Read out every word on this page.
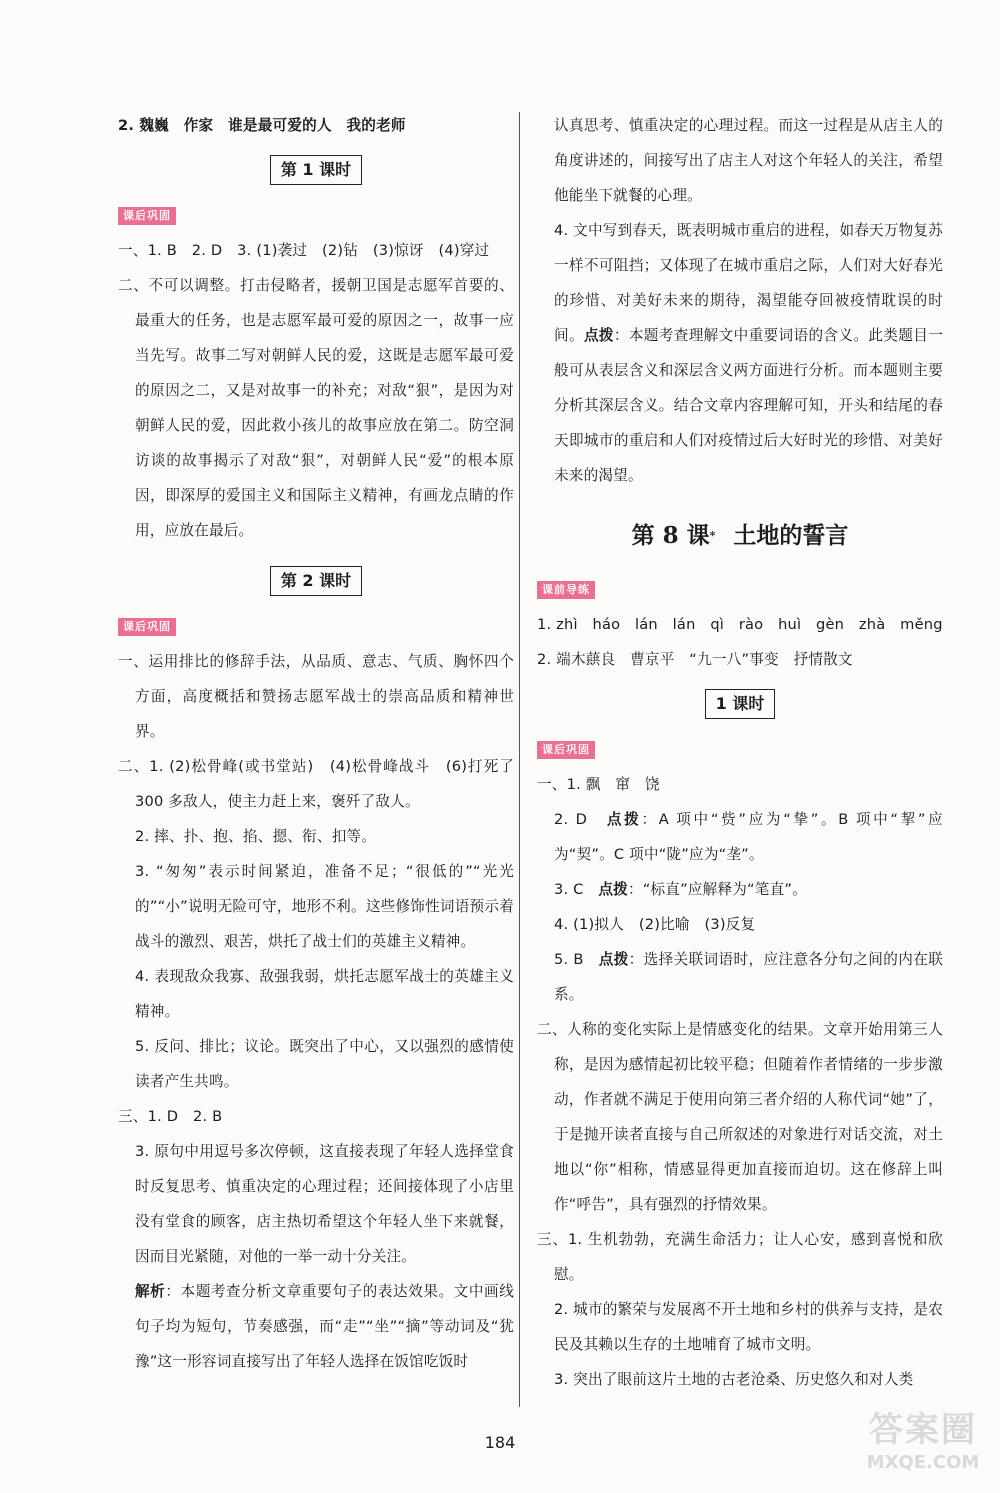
2. 魏巍　作家　谁是最可爱的人　我的老师

第 1 课时
课后巩固

一、1. B　2. D　3. (1)袭过　(2)钻　(3)惊讶　(4)穿过

二、不可以调整。打击侵略者，援朝卫国是志愿军首要的、最重大的任务，也是志愿军最可爱的原因之一，故事一应当先写。故事二写对朝鲜人民的爱，这既是志愿军最可爱的原因之二，又是对故事一的补充；对敌“狠”，是因为对朝鲜人民的爱，因此救小孩儿的故事应放在第二。防空洞访谈的故事揭示了对敌“狠”，对朝鲜人民“爱”的根本原因，即深厚的爱国主义和国际主义精神，有画龙点睛的作用，应放在最后。

第 2 课时
课后巩固

一、运用排比的修辞手法，从品质、意志、气质、胸怀四个方面，高度概括和赞扬志愿军战士的崇高品质和精神世界。

二、1. (2)松骨峰(或书堂站)　(4)松骨峰战斗　(6)打死了 300 多敌人，使主力赶上来，褒歼了敌人。

2. 摔、扑、抱、掐、摁、衔、扣等。

3. “匆匆”表示时间紧迫，准备不足；“很低的”“光光的”“小”说明无险可守，地形不利。这些修饰性词语预示着战斗的激烈、艰苦，烘托了战士们的英雄主义精神。

4. 表现敌众我寡、敌强我弱，烘托志愿军战士的英雄主义精神。

5. 反问、排比；议论。既突出了中心，又以强烈的感情使读者产生共鸣。

三、1. D　2. B

3. 原句中用逗号多次停顿，这直接表现了年轻人选择堂食时反复思考、慎重决定的心理过程；还间接体现了小店里没有堂食的顾客，店主热切希望这个年轻人坐下来就餐，因而目光紧随，对他的一举一动十分关注。

解析：本题考查分析文章重要句子的表达效果。文中画线句子均为短句，节奏感强，而“走”“坐”“摘”等动词及“犹豫”这一形容词直接写出了年轻人选择在饭馆吃饭时

认真思考、慎重决定的心理过程。而这一过程是从店主人的角度讲述的，间接写出了店主人对这个年轻人的关注，希望他能坐下就餐的心理。

4. 文中写到春天，既表明城市重启的进程，如春天万物复苏一样不可阻挡；又体现了在城市重启之际，人们对大好春光的珍惜、对美好未来的期待，渴望能夺回被疫情耽误的时间。点拨：本题考查理解文中重要词语的含义。此类题目一般可从表层含义和深层含义两方面进行分析。而本题则主要分析其深层含义。结合文章内容理解可知，开头和结尾的春天即城市的重启和人们对疫情过后大好时光的珍惜、对美好未来的渴望。

第 8 课* 土地的誓言
课前导练

1. zhì　háo　lán　lán　qì　rào　huì　gèn　zhà　měng

2. 端木蕻良　曹京平　“九一八”事变　抒情散文

1 课时
课后巩固

一、1. 飘　窜　饶

2. D　点拨：A 项中“赀”应为“挚”。B 项中“挈”应为“契”。C 项中“陇”应为“垄”。

3. C　点拨：“标直”应解释为“笔直”。

4. (1)拟人　(2)比喻　(3)反复

5. B　点拨：选择关联词语时，应注意各分句之间的内在联系。

二、人称的变化实际上是情感变化的结果。文章开始用第三人称，是因为感情起初比较平稳；但随着作者情绪的一步步激动，作者就不满足于使用向第三者介绍的人称代词“她”了，于是抛开读者直接与自己所叙述的对象进行对话交流，对土地以“你”相称，情感显得更加直接而迫切。这在修辞上叫作“呼告”，具有强烈的抒情效果。

三、1. 生机勃勃，充满生命活力；让人心安，感到喜悦和欣慰。

2. 城市的繁荣与发展离不开土地和乡村的供养与支持，是农民及其赖以生存的土地哺育了城市文明。

3. 突出了眼前这片土地的古老沧桑、历史悠久和对人类

184	答案圈
MXQE.COM
